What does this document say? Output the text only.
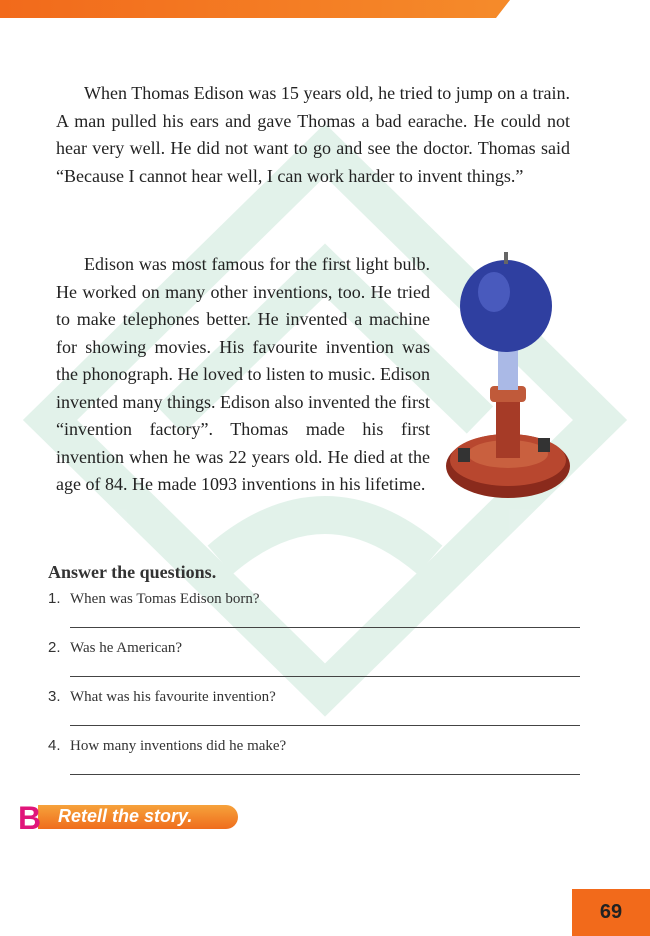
When Thomas Edison was 15 years old, he tried to jump on a train. A man pulled his ears and gave Thomas a bad earache. He could not hear very well. He did not want to go and see the doctor. Thomas said “Because I cannot hear well, I can work harder to invent things.”

Edison was most famous for the first light bulb. He worked on many other inventions, too. He tried to make telephones better. He invented a machine for showing movies. His favourite invention was the phonograph. He loved to listen to music. Edison invented many things. Edison also invented the first “invention factory”. Thomas made his first invention when he was 22 years old. He died at the age of 84. He made 1093 inventions in his lifetime.

Answer the questions.
1. When was Tomas Edison born?
2. Was he American?
3. What was his favourite invention?
4. How many inventions did he make?
B Retell the story.
69
